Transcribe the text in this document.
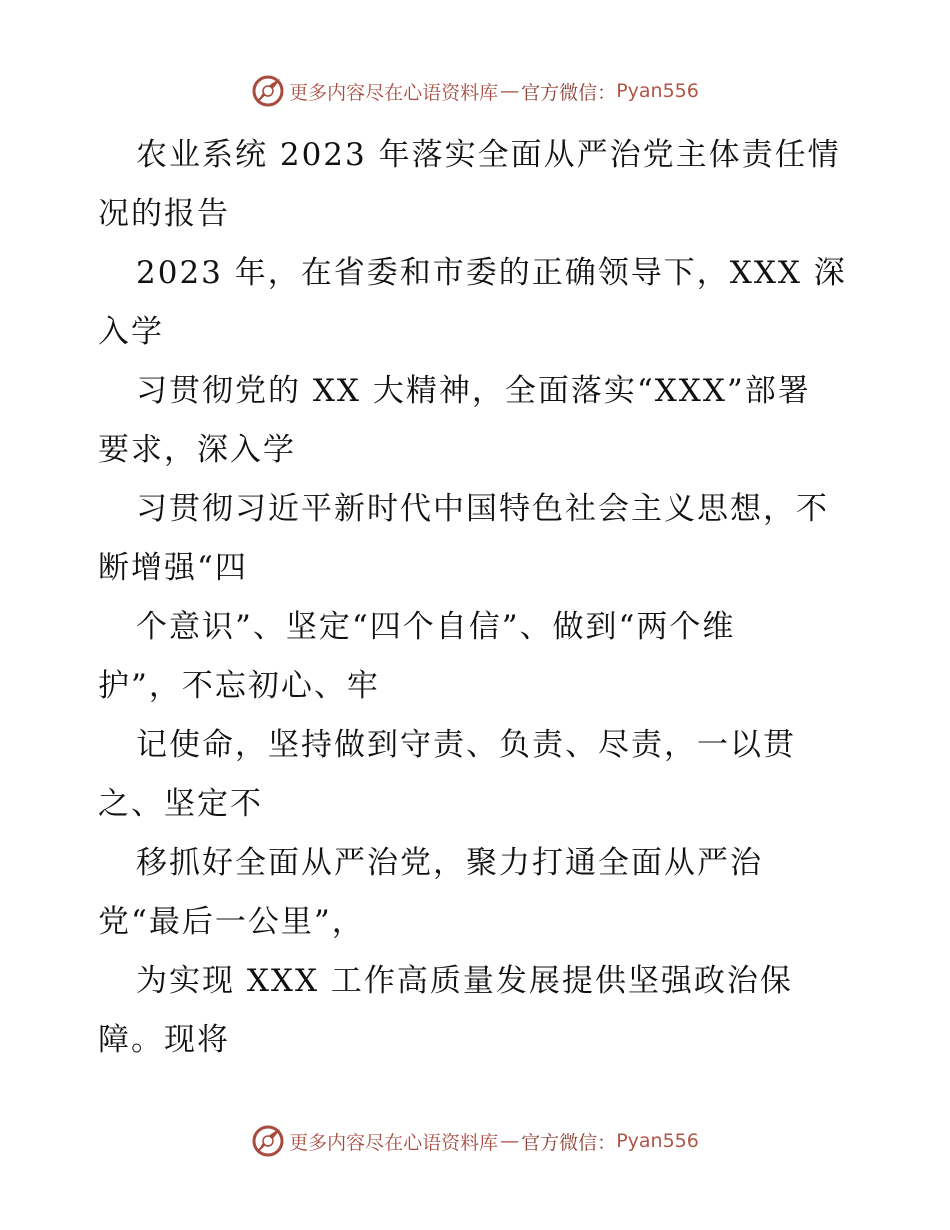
更多内容尽在心语资料库 — 官方微信： Pyan556
农业系统 2023 年落实全面从严治党主体责任情
况的报告
2023 年，在省委和市委的正确领导下，XXX 深
入学
习贯彻党的 XX 大精神，全面落实“XXX”部署
要求，深入学
习贯彻习近平新时代中国特色社会主义思想，不
断增强“四
个意识”、坚定“四个自信”、做到“两个维
护”，不忘初心、牢
记使命，坚持做到守责、负责、尽责，一以贯
之、坚定不
移抓好全面从严治党，聚力打通全面从严治
党“最后一公里”，
为实现 XXX 工作高质量发展提供坚强政治保
障。现将
更多内容尽在心语资料库 — 官方微信： Pyan556
